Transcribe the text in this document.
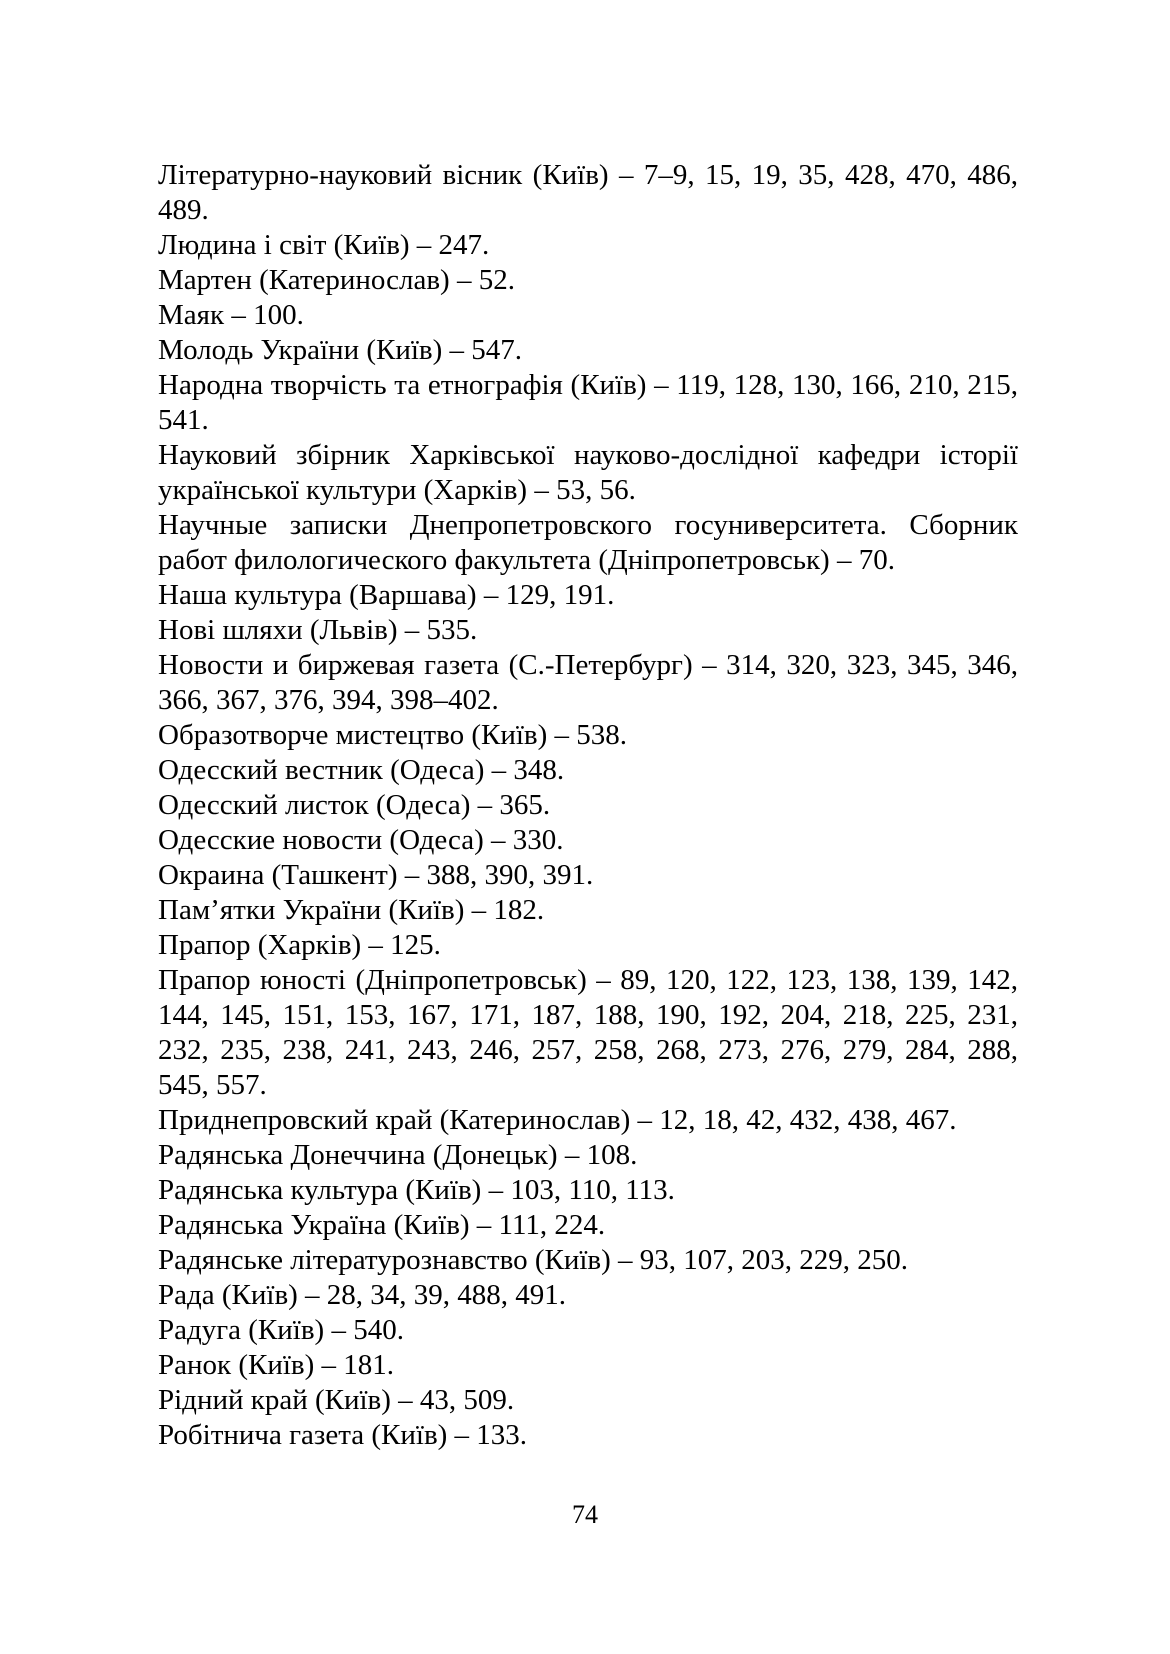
Літературно-науковий вісник (Київ) – 7–9, 15, 19, 35, 428, 470, 486, 489.
Людина і світ (Київ) – 247.
Мартен (Катеринослав) – 52.
Маяк – 100.
Молодь України (Київ) – 547.
Народна творчість та етнографія (Київ) – 119, 128, 130, 166, 210, 215, 541.
Науковий збірник Харківської науково-дослідної кафедри історії української культури (Харків) – 53, 56.
Научные записки Днепропетровского госуниверситета. Сборник работ филологического факультета (Дніпропетровськ) – 70.
Наша культура (Варшава) – 129, 191.
Нові шляхи (Львів) – 535.
Новости и биржевая газета (С.-Петербург) – 314, 320, 323, 345, 346, 366, 367, 376, 394, 398–402.
Образотворче мистецтво (Київ) – 538.
Одесский вестник (Одеса) – 348.
Одесский листок (Одеса) – 365.
Одесские новости (Одеса) – 330.
Окраина (Ташкент) – 388, 390, 391.
Пам’ятки України (Київ) – 182.
Прапор (Харків) – 125.
Прапор юності (Дніпропетровськ) – 89, 120, 122, 123, 138, 139, 142, 144, 145, 151, 153, 167, 171, 187, 188, 190, 192, 204, 218, 225, 231, 232, 235, 238, 241, 243, 246, 257, 258, 268, 273, 276, 279, 284, 288, 545, 557.
Приднепровский край (Катеринослав) – 12, 18, 42, 432, 438, 467.
Радянська Донеччина (Донецьк) – 108.
Радянська культура (Київ) – 103, 110, 113.
Радянська Україна (Київ) – 111, 224.
Радянське літературознавство (Київ) – 93, 107, 203, 229, 250.
Рада (Київ) – 28, 34, 39, 488, 491.
Радуга (Київ) – 540.
Ранок (Київ) – 181.
Рідний край (Київ) – 43, 509.
Робітнича газета (Київ) – 133.
74
